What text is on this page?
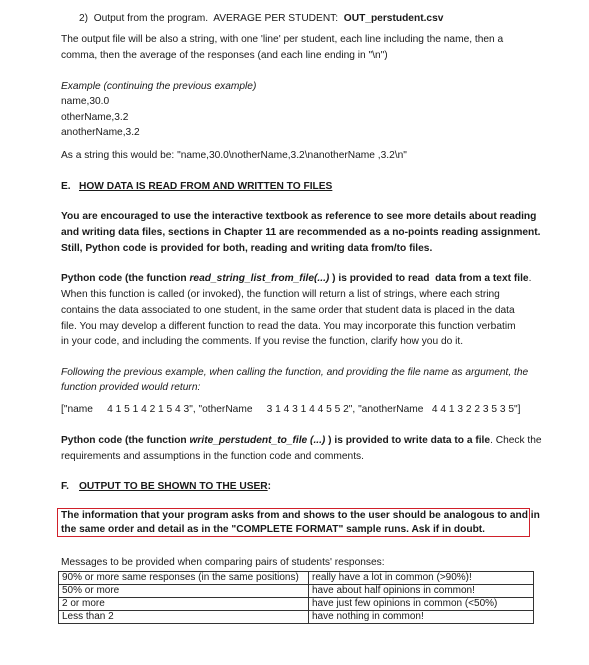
2)  Output from the program.  AVERAGE PER STUDENT:  OUT_perstudent.csv
The output file will be also a string, with one 'line' per student, each line including the name, then a
comma, then the average of the responses (and each line ending in "\n")
Example (continuing the previous example)
name,30.0
otherName,3.2
anotherName,3.2
As a string this would be: "name,30.0\notherName,3.2\nanotherName ,3.2\n"
E. HOW DATA IS READ FROM AND WRITTEN TO FILES
You are encouraged to use the interactive textbook as reference to see more details about reading
and writing data files, sections in Chapter 11 are recommended as a no-points reading assignment.
Still, Python code is provided for both, reading and writing data from/to files.
Python code (the function read_string_list_from_file(...) ) is provided to read  data from a text file.
When this function is called (or invoked), the function will return a list of strings, where each string
contains the data associated to one student, in the same order that student data is placed in the data
file. You may develop a different function to read the data. You may incorporate this function verbatim
in your code, and including the comments. If you revise the function, clarify how you do it.
Following the previous example, when calling the function, and providing the file name as argument, the
function provided would return:
["name     4 1 5 1 4 2 1 5 4 3", "otherName     3 1 4 3 1 4 4 5 5 2", "anotherName   4 4 1 3 2 2 3 5 3 5"]
Python code (the function write_perstudent_to_file (...) ) is provided to write data to a file. Check the
requirements and assumptions in the function code and comments.
F. OUTPUT TO BE SHOWN TO THE USER:
The information that your program asks from and shows to the user should be analogous to and in
the same order and detail as in the "COMPLETE FORMAT" sample runs. Ask if in doubt.
Messages to be provided when comparing pairs of students' responses:
90% or more same responses (in the same positions)	really have a lot in common (>90%)!
50% or more	have about half opinions in common!
2 or more	have just few opinions in common (<50%)
Less than 2	have nothing in common!
